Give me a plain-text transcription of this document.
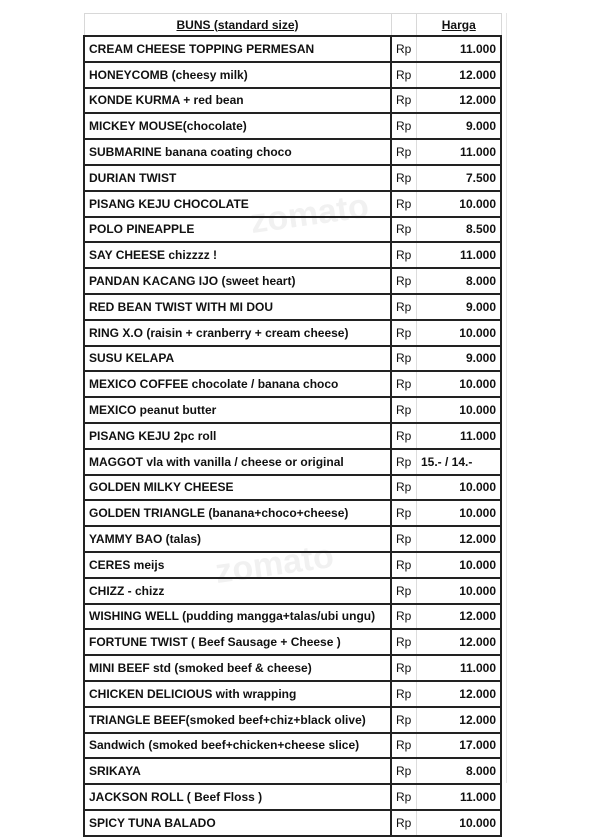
zomato
zomato
BUNS (standard size)		Harga
CREAM CHEESE TOPPING PERMESAN	Rp	11.000
HONEYCOMB (cheesy milk)	Rp	12.000
KONDE KURMA + red bean	Rp	12.000
MICKEY MOUSE(chocolate)	Rp	9.000
SUBMARINE banana coating choco	Rp	11.000
DURIAN TWIST	Rp	7.500
PISANG KEJU CHOCOLATE	Rp	10.000
POLO PINEAPPLE	Rp	8.500
SAY CHEESE chizzzz !	Rp	11.000
PANDAN KACANG IJO (sweet heart)	Rp	8.000
RED BEAN TWIST WITH MI DOU	Rp	9.000
RING X.O (raisin + cranberry + cream cheese)	Rp	10.000
SUSU KELAPA	Rp	9.000
MEXICO COFFEE chocolate / banana choco	Rp	10.000
MEXICO peanut butter	Rp	10.000
PISANG KEJU 2pc roll	Rp	11.000
MAGGOT vla with vanilla / cheese or original	Rp	15.- / 14.-
GOLDEN MILKY CHEESE	Rp	10.000
GOLDEN TRIANGLE (banana+choco+cheese)	Rp	10.000
YAMMY BAO (talas)	Rp	12.000
CERES meijs	Rp	10.000
CHIZZ - chizz	Rp	10.000
WISHING WELL (pudding mangga+talas/ubi ungu)	Rp	12.000
FORTUNE TWIST ( Beef Sausage + Cheese )	Rp	12.000
MINI BEEF std (smoked beef & cheese)	Rp	11.000
CHICKEN DELICIOUS with wrapping	Rp	12.000
TRIANGLE BEEF(smoked beef+chiz+black olive)	Rp	12.000
Sandwich (smoked beef+chicken+cheese slice)	Rp	17.000
SRIKAYA	Rp	8.000
JACKSON ROLL ( Beef Floss )	Rp	11.000
SPICY TUNA BALADO	Rp	10.000
